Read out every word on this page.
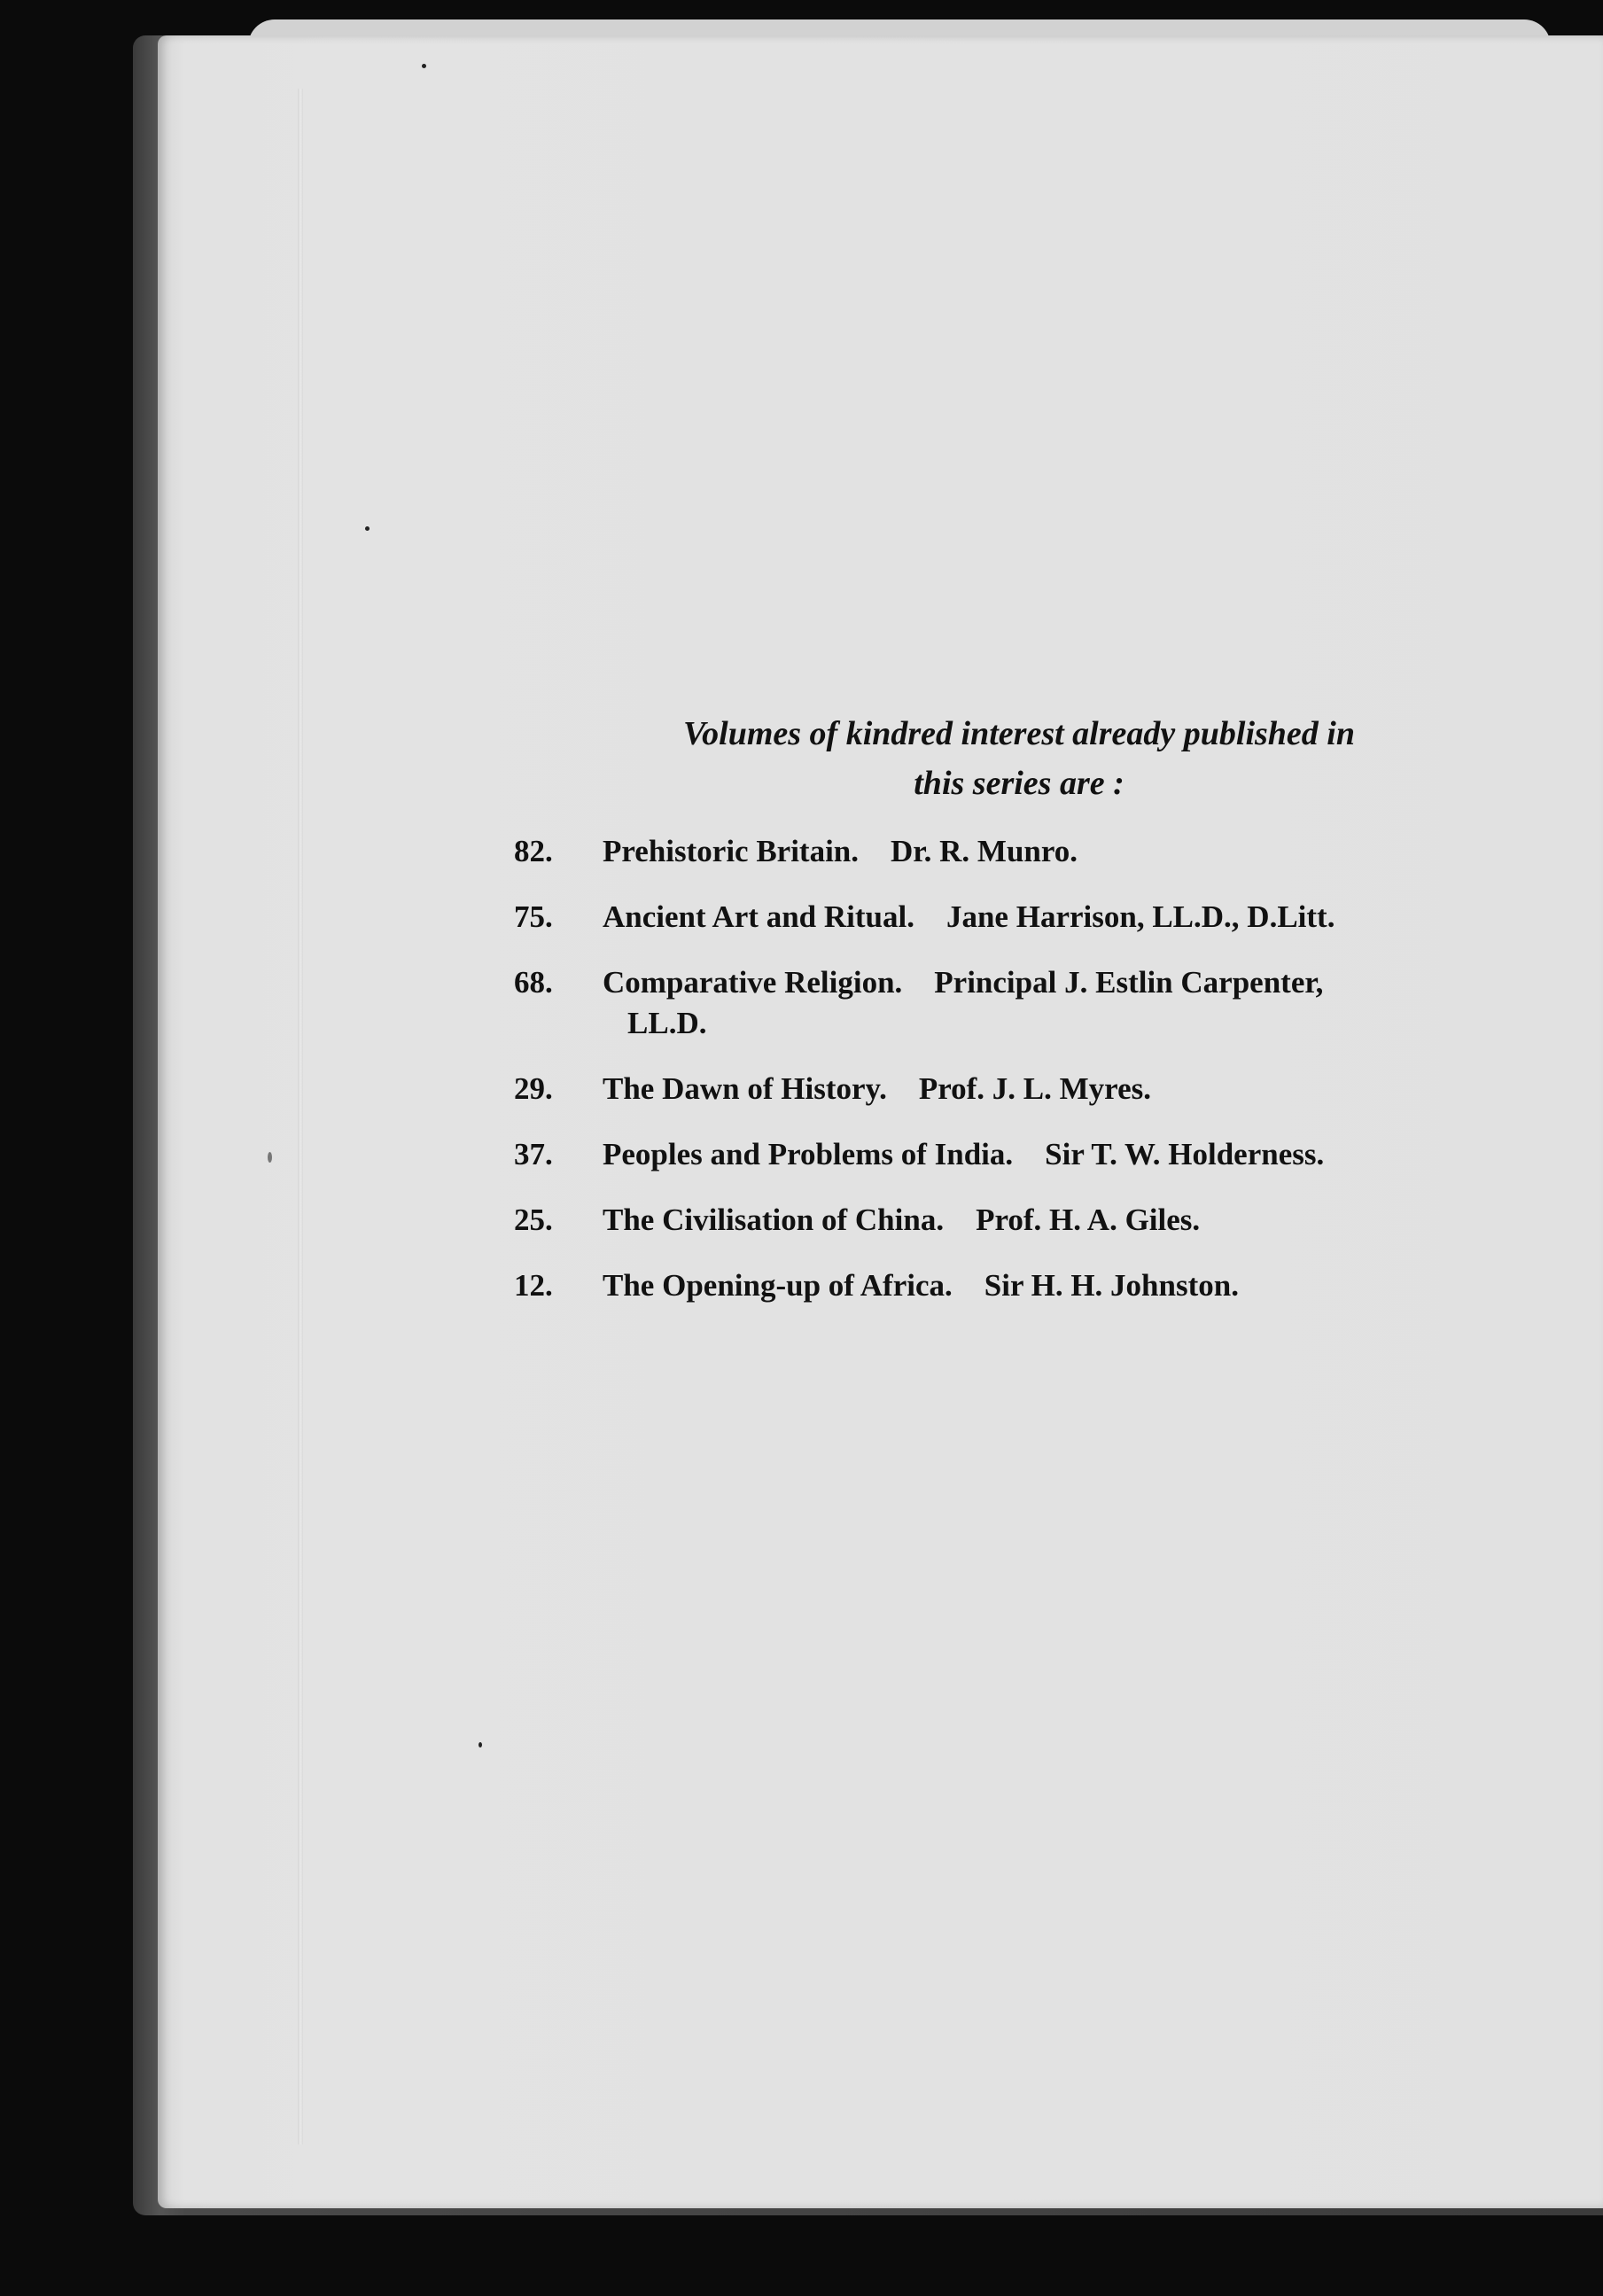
Volumes of kindred interest already published in
this series are :
82.	Prehistoric Britain. Dr. R. Munro.
75.	Ancient Art and Ritual. Jane Harrison, LL.D., D.Litt.
68.	Comparative Religion. Principal J. Estlin Carpenter,
LL.D.
29.	The Dawn of History. Prof. J. L. Myres.
37.	Peoples and Problems of India. Sir T. W. Holderness.
25.	The Civilisation of China. Prof. H. A. Giles.
12.	The Opening-up of Africa. Sir H. H. Johnston.
